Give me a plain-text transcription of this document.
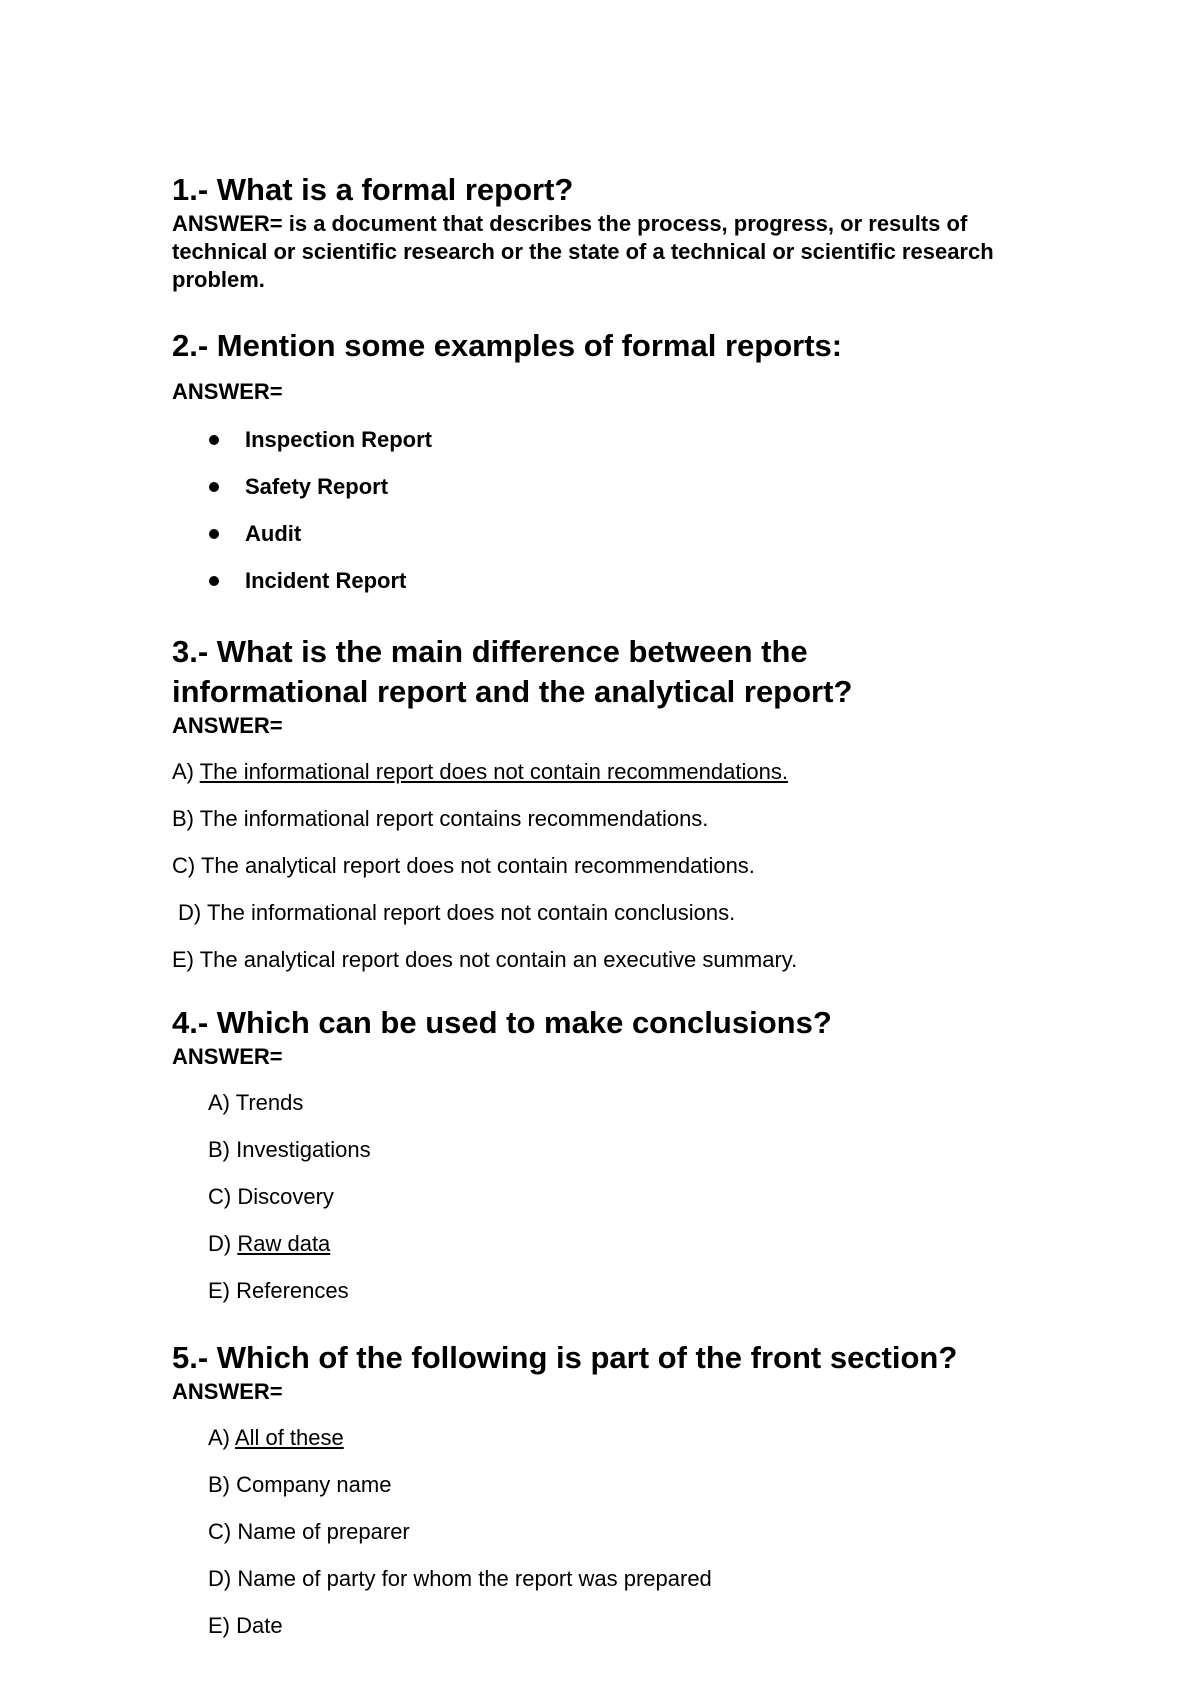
1.- What is a formal report?

ANSWER= is a document that describes the process, progress, or results of technical or scientific research or the state of a technical or scientific research problem.

2.- Mention some examples of formal reports:

ANSWER=

Inspection Report
Safety Report
Audit
Incident Report
3.- What is the main difference between the informational report and the analytical report?

ANSWER=

A) The informational report does not contain recommendations.

B) The informational report contains recommendations.

C) The analytical report does not contain recommendations.

D) The informational report does not contain conclusions.

E) The analytical report does not contain an executive summary.

4.- Which can be used to make conclusions?

ANSWER=

A) Trends

B) Investigations

C) Discovery

D) Raw data

E) References

5.- Which of the following is part of the front section?

ANSWER=

A) All of these

B) Company name

C) Name of preparer

D) Name of party for whom the report was prepared

E) Date
